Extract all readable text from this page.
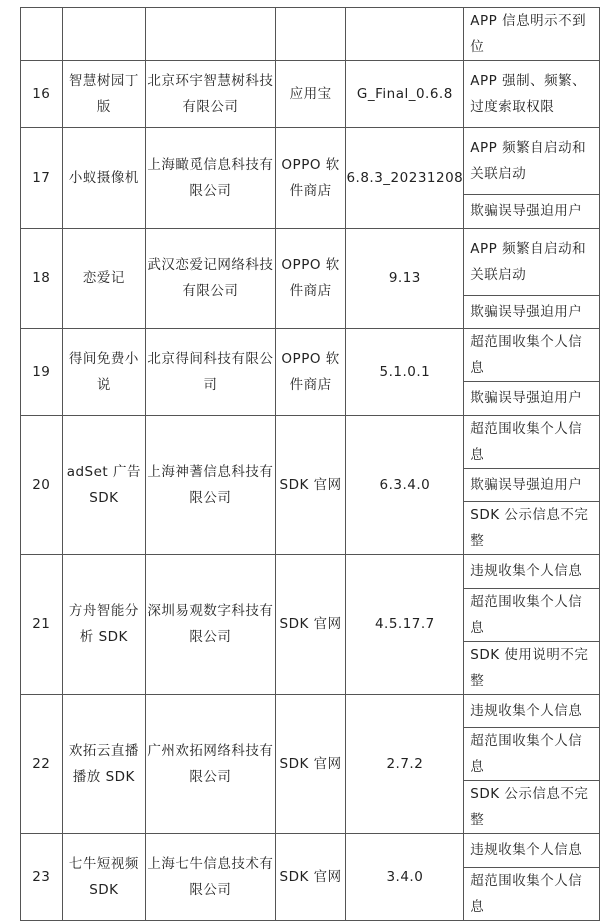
					APP 信息明示不到位

16	智慧树园丁版	北京环宇智慧树科技有限公司	应用宝	G_Final_0.6.8	APP 强制、频繁、过度索取权限

17	小蚁摄像机	上海瞰觅信息科技有限公司	OPPO 软件商店	6.8.3_20231208	APP 频繁自启动和关联启动
					欺骗误导强迫用户

18	恋爱记	武汉恋爱记网络科技有限公司	OPPO 软件商店	9.13	APP 频繁自启动和关联启动
					欺骗误导强迫用户

19	得间免费小说	北京得间科技有限公司	OPPO 软件商店	5.1.0.1	超范围收集个人信息
					欺骗误导强迫用户

20	adSet 广告 SDK	上海神蓍信息科技有限公司	SDK 官网	6.3.4.0	超范围收集个人信息
					欺骗误导强迫用户
					SDK 公示信息不完整

21	方舟智能分析 SDK	深圳易观数字科技有限公司	SDK 官网	4.5.17.7	违规收集个人信息
					超范围收集个人信息
					SDK 使用说明不完整

22	欢拓云直播播放 SDK	广州欢拓网络科技有限公司	SDK 官网	2.7.2	违规收集个人信息
					超范围收集个人信息
					SDK 公示信息不完整

23	七牛短视频 SDK	上海七牛信息技术有限公司	SDK 官网	3.4.0	违规收集个人信息
					超范围收集个人信息
